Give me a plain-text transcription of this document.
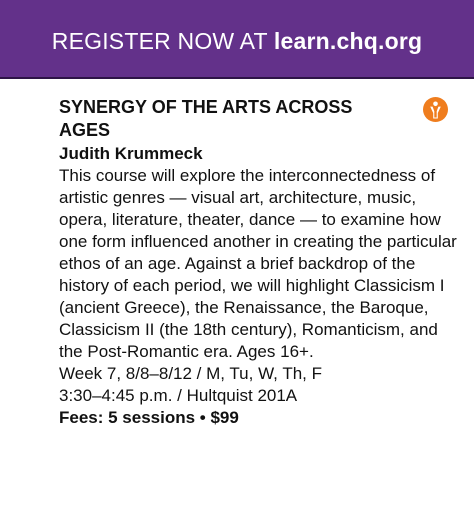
REGISTER NOW AT learn.chq.org

SYNERGY OF THE ARTS ACROSS AGES

Judith Krummeck

This course will explore the interconnectedness of artistic genres — visual art, architecture, music, opera, literature, theater, dance — to examine how one form influenced another in creating the particular ethos of an age. Against a brief backdrop of the history of each period, we will highlight Classicism I (ancient Greece), the Renaissance, the Baroque, Classicism II (the 18th century), Romanticism, and the Post-Romantic era. Ages 16+.

Week 7, 8/8–8/12 / M, Tu, W, Th, F

3:30–4:45 p.m. / Hultquist 201A

Fees: 5 sessions • $99
